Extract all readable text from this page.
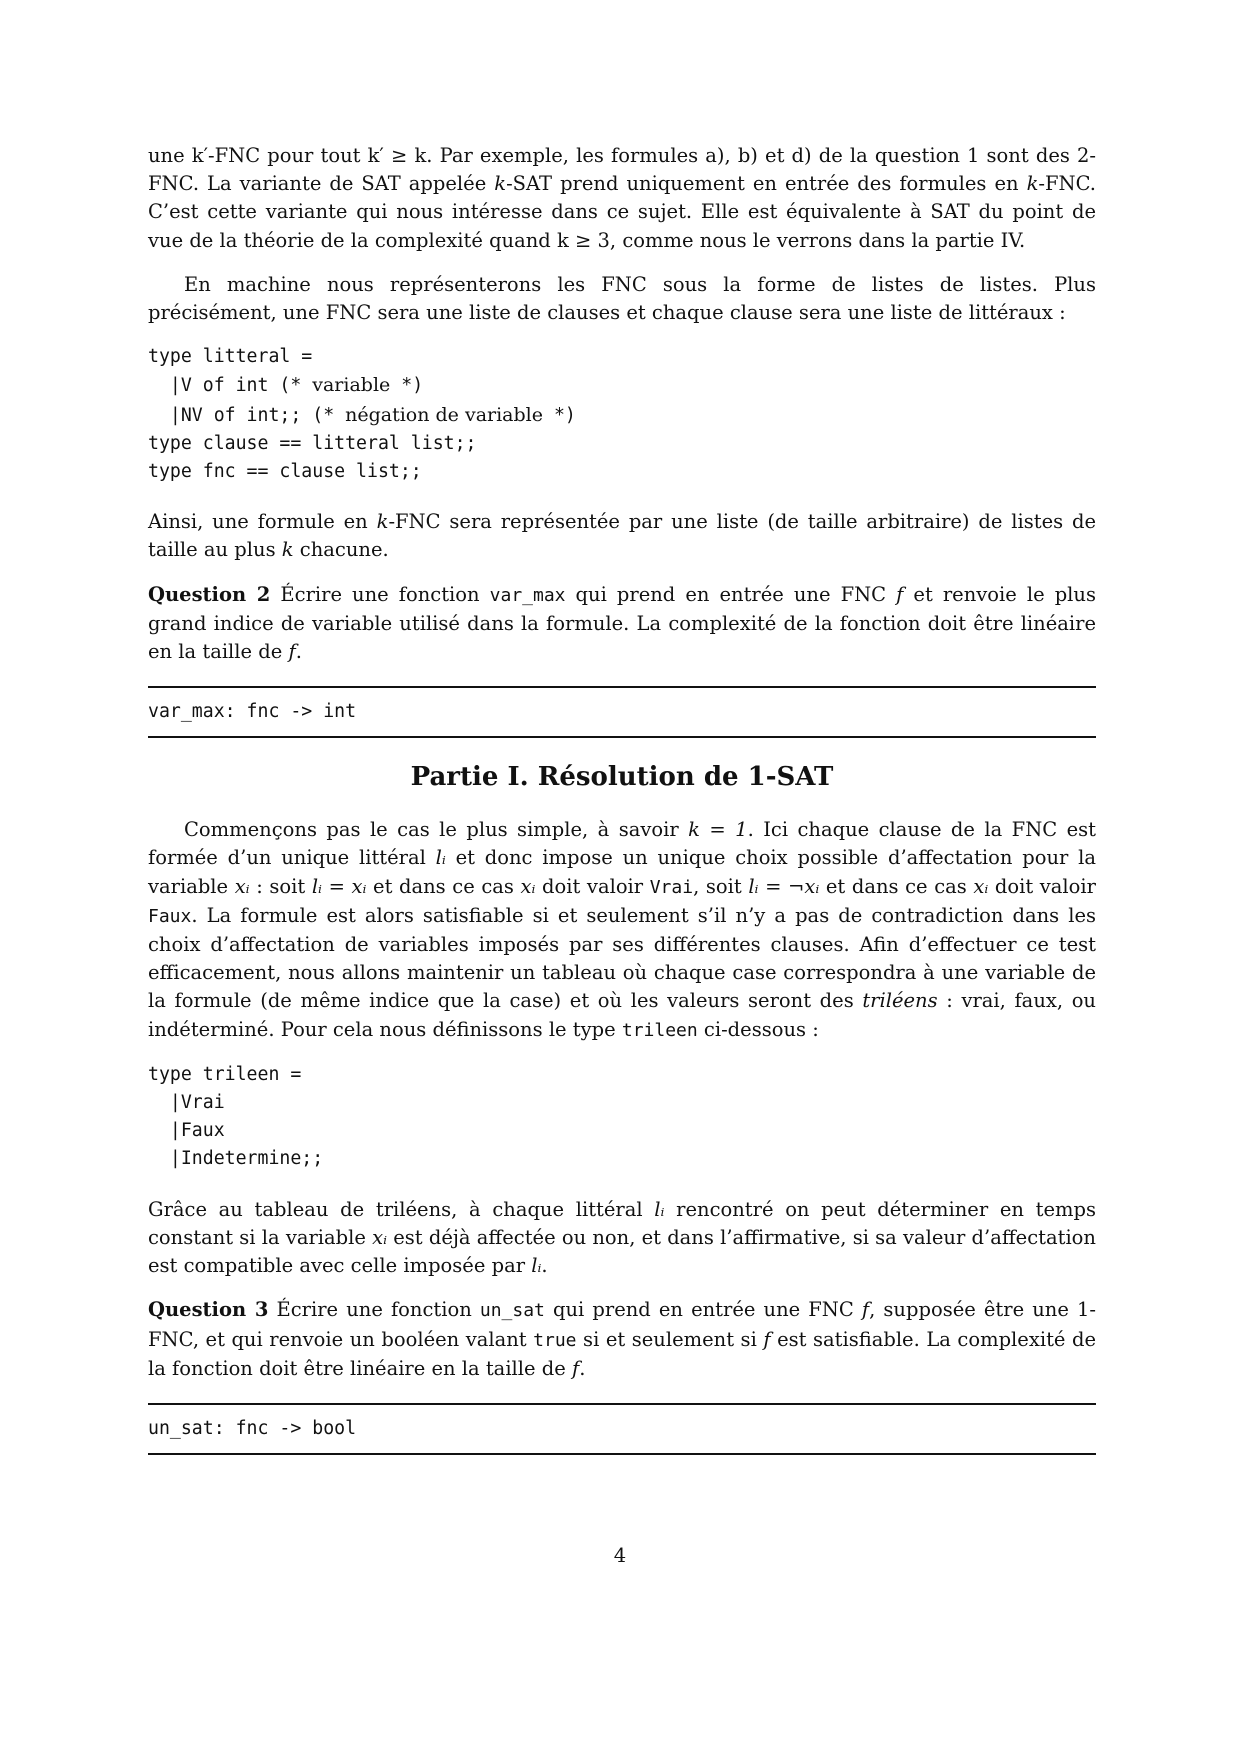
une k′-FNC pour tout k′ ≥ k. Par exemple, les formules a), b) et d) de la question 1 sont des 2-FNC. La variante de SAT appelée k-SAT prend uniquement en entrée des formules en k-FNC. C’est cette variante qui nous intéresse dans ce sujet. Elle est équivalente à SAT du point de vue de la théorie de la complexité quand k ≥ 3, comme nous le verrons dans la partie IV.

En machine nous représenterons les FNC sous la forme de listes de listes. Plus précisément, une FNC sera une liste de clauses et chaque clause sera une liste de littéraux :

type litteral =
|V of int (* variable *)
|NV of int;; (* négation de variable *)
type clause == litteral list;;
type fnc == clause list;;

Ainsi, une formule en k-FNC sera représentée par une liste (de taille arbitraire) de listes de taille au plus k chacune.

Question 2 Écrire une fonction var_max qui prend en entrée une FNC f et renvoie le plus grand indice de variable utilisé dans la formule. La complexité de la fonction doit être linéaire en la taille de f.

var_max: fnc -> int
Partie I. Résolution de 1-SAT

Commençons pas le cas le plus simple, à savoir k = 1. Ici chaque clause de la FNC est formée d’un unique littéral lᵢ et donc impose un unique choix possible d’affectation pour la variable xᵢ : soit lᵢ = xᵢ et dans ce cas xᵢ doit valoir Vrai, soit lᵢ = ¬xᵢ et dans ce cas xᵢ doit valoir Faux. La formule est alors satisfiable si et seulement s’il n’y a pas de contradiction dans les choix d’affectation de variables imposés par ses différentes clauses. Afin d’effectuer ce test efficacement, nous allons maintenir un tableau où chaque case correspondra à une variable de la formule (de même indice que la case) et où les valeurs seront des triléens : vrai, faux, ou indéterminé. Pour cela nous définissons le type trileen ci-dessous :

type trileen =
|Vrai
|Faux
|Indetermine;;

Grâce au tableau de triléens, à chaque littéral lᵢ rencontré on peut déterminer en temps constant si la variable xᵢ est déjà affectée ou non, et dans l’affirmative, si sa valeur d’affectation est compatible avec celle imposée par lᵢ.

Question 3 Écrire une fonction un_sat qui prend en entrée une FNC f, supposée être une 1-FNC, et qui renvoie un booléen valant true si et seulement si f est satisfiable. La complexité de la fonction doit être linéaire en la taille de f.

un_sat: fnc -> bool
4
